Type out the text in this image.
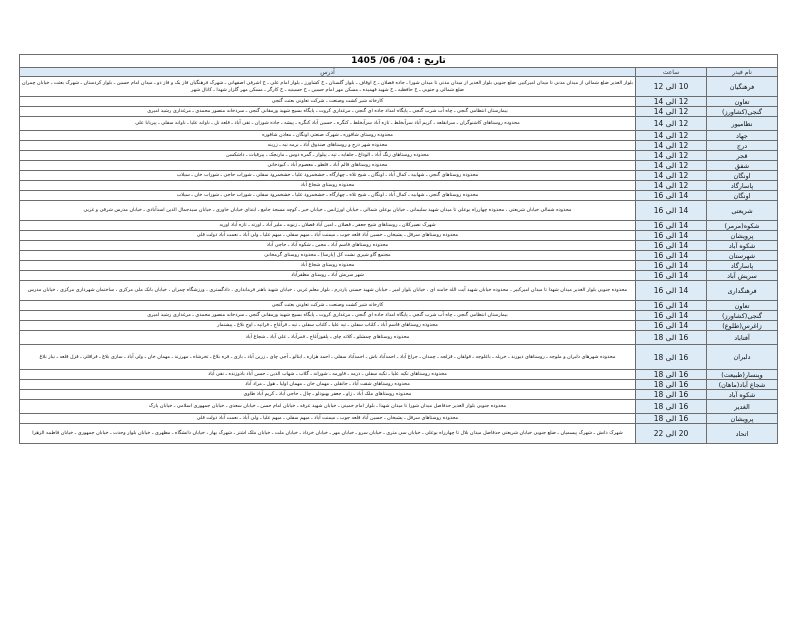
تاریخ : 04/ 06/ 1405		
نام فیدر	ساعت	آدرس
فرهنگیان	10 الی 12	بلوار الغدیر ضلع شمالی از میدان مدنی تا میدان امیرکبیر. ضلع جنوبی بلوار الغدیر از میدان مدنی تا میدان شورا ـ جاده قصلان ـ خ اوقاف ـ بلوار گلستان ـ خ کشاورز ـ بلوار امام علی ـ خ اشرفی اصفهانی ـ شهرک فرهنگیان فاز یک و فاز دو ـ میدان امام حسین ـ بلوار کردستان ـ شهرک بعثت ـ خیابان چمران ضلع شمالی و جنوبی ـ خ حافظیه ـ خ شهید فهمیده ـ مسکن مهر امام حسین ـ خ حسینیه ـ خ کارگر ـ مسکن مهر گلزار شهدا ـ کانال شهر
تعاون	12 الی 14	کارخانه شیر کشت وصنعت ـ شرکت تعاونی بعثت گنجی
گنجی(کشاورز)	12 الی 14	بیمارستان انتظامی گنجی ـ چاه آب شرب گنجی ـ پایگاه امداد جاده ای گنجی ـ مرغداری کروت ـ پایگاه بسیج شهید ورمقانی گنجی ـ سردخانه منصور محمدی ـ مرغداری رشید امیری
نظامیور	12 الی 14	محدوده روستاهای کاشنوگران ـ سرانقلعه ـ کریم آباد سرآبخلط ـ تازه آباد سرآبخلط ـ کنگره ـ حسین آباد کنگره ـ پیشه ـ جاده شوران ـ تقی آباد ـ قلعه تل ـ ناوانه علیا ـ ناوانه سفلی ـ پیربابا علی
جهاد	12 الی 14	محدوده روستای شاقوره ـ شهرک صنعتی اونگان ـ معادن شاقوره
درج	12 الی 14	محدوده شهر درج و روستاهای صندوق آباد ـ برمه نیه ـ زرینه
قجر	12 الی 14	محدوده روستاهای زنگ آباد ـ الوداغ ـ جلفایه ـ تپه ـ پیلوار ـ گمره دوس ـ مارنجک ـ پیرقیاث ـ داشکسن
شفق	12 الی 14	محدوده روستاهای قالم آباد ـ قلطو ـ معصوم آباد ـ کبودخانی
اونگان	12 الی 14	محدوده روستاهای گنجی ـ شهابیه ـ کمال آباد ـ اونگان ـ شیخ تلاه ـ چهارگاه ـ خشخمرود علیا ـ خشخمرود سفلی ـ شوراب حاجی ـ شوراب خان ـ سیلاب
پاسارگاد	12 الی 14	محدوده روستای شجاع آباد
اونگان	14 الی 16	محدوده روستاهای گنجی ـ شهابیه ـ کمال آباد ـ اونگان ـ شیخ تلاه ـ چهارگاه ـ خشخمرود علیا ـ خشخمرود سفلی ـ شوراب حاجی ـ شوراب خان ـ سیلاب
شریعتی	14 الی 16	محدوده شمالی خیابان شریعتی ، محدوده چهارراه بوعلی تا میدان شهید سلیمانی ـ خیابان بوعلی شمالی ـ خیابان اورژانس ـ خیابان خیر ـ کوچه مسجد جامع ـ ابتدای خیابان خاوری ـ خیابان سیدجمال الدین اسدآبادی ـ خیابان مدرس شرقی و غربی
شکوه(مرمر)	14 الی 16	شهرک نصیرکلان ـ روستاهای شیخ جعفر ـ قصلان ـ امین آباد قصلان ـ زنویه ـ ملیر آباد ـ اورته ـ تازه آباد اوریه
پرویشان	14 الی 16	محدوده روستاهای سرقل ـ پشیخان ـ حسین آباد قلعه جوب ـ میمنت آباد ـ میهم سفلی ـ میهم علیا ـ ولی آباد ـ نعمت آباد دولت قلی
شکوه آباد	14 الی 16	محدوده روستاهای قاسم آباد ـ مجین ـ شکوه آباد ـ حاجی آباد
شهرستان	14 الی 16	مجتمع گاو شیری نشت کل (پارسا) ـ محدوده روستای گرمخانی
پاسارگاد	14 الی 16	محدوده روستای شجاع آباد
سریش آباد	14 الی 16	شهر سریش آباد ـ روستای مظفرآباد
فرهنگداری	14 الی 16	محدوده جنوبی بلوار الغدیر میدان شهدا تا میدان امیرکبیر ، محدوده خیابان شهید آیت الله خامنه ای ، خیابان بلوار امیر ، خیابان شهید حسنی یاردرم ، بلوار معلم غربی ، خیابان شهید باهنر فرمانداری ، دادگستری ، ورزشگاه چمران ، خیابان بانک ملی مرکزی ، ساختمان شهرداری مرکزی ، خیابان مدرس
تعاون	14 الی 16	کارخانه شیر کشت وصنعت ـ شرکت تعاونی بعثت گنجی
گنجی(کشاورز)	14 الی 16	بیمارستان انتظامی گنجی ـ چاه آب شرب گنجی ـ پایگاه امداد جاده ای گنجی ـ مرغداری کروت ـ پایگاه بسیج شهید ورمقانی گنجی ـ سردخانه منصور محمدی ـ مرغداری رشید امیری
زاغرس(طلوع)	14 الی 16	محدوده روستاهای قاسم آباد ـ کلتاب سفلی ـ تپه علیا ـ کلتاب سفلی ـ تپه ـ قرآغاج ـ قراتپه ـ اوچ بلاغ ـ پیشنمار
آفتاباد	16 الی 18	محدوده روستاهای چمشلو ـ کلاته چای ـ پلقوزآغاج ـ قمرآباد ـ علی آباد ـ شجاع آباد
دلبران	16 الی 18	محدوده شهرهای دلبران و ملوجه ـ روستاهای دیوزند ـ خرپله ـ باغلوجه ـ قولقان ـ قزلجه ـ چمدان ـ جراغ آباد ـ احمدآباد باش ـ احمدآباد سفلی ـ احمد هزاره ـ اینالو ـ آجی چای ـ زرین آباد ـ بازی ـ قره بلاغ ـ تخرشاه ـ مهرزند ـ مهمان خان ـ ولی آباد ـ ساری بلاغ ـ قراقلی ـ قزل قلعه ـ نیاز بلاغ
وینسار(طبیعت)	16 الی 18	محدوده روستاهای تکیه علیا ـ تکیه سفلی ـ درمه ـ قاورمه ـ شورانه ـ گلاب ـ شهاب الدین ـ حسن آباد بادوزنده ـ نقی آباد
شجاع آباد(ماهان)	16 الی 18	محدوده روستاهای شقت آباد ـ جانقلی ـ مهمان خان ـ مهمان اولیا ـ هول ـ مراد آباد
شکوه آباد	16 الی 18	محدوده روستاهای ملک آباد ـ زاو ـ جعفر بهبودلو ـ چال ـ حاجی آباد ـ کریم آباد طاوی
الغدیر	16 الی 18	محدوده جنوبی بلوار الغدیر حدفاصل میدان شورا تا میدان شهدا ـ بلوار امام خمینی ـ خیابان شهید عرفه ـ خیابان امام حسن ـ خیابان سعدی ـ خیابان جمهوری اسلامی ـ خیابان پارک
پرویشان	16 الی 18	محدوده روستاهای سرقل ـ پشیخان ـ حسین آباد قلعه جوب ـ میمنت آباد ـ میهم سفلی ـ میهم علیا ـ ولی آباد ـ نعمت آباد دولت قلی
اتحاد	20 الی 22	شهرک دانش ـ شهرک پیسمیان ـ ضلع جنوبی خیابان شریعتی حدفاصل میدان بلال تا چهارراه بوعلی ـ خیابان سی متری ـ خیابان سرو ـ خیابان مهر ـ خیابان خرداد ـ خیابان ملت ـ خیابان ملک اشتر ـ شهرک بهار ، خیابان دانشگاه ـ مظهری ـ خیابان بلوار وحدت ـ خیابان جمهوری ـ خیابان فاطمه الزهرا
